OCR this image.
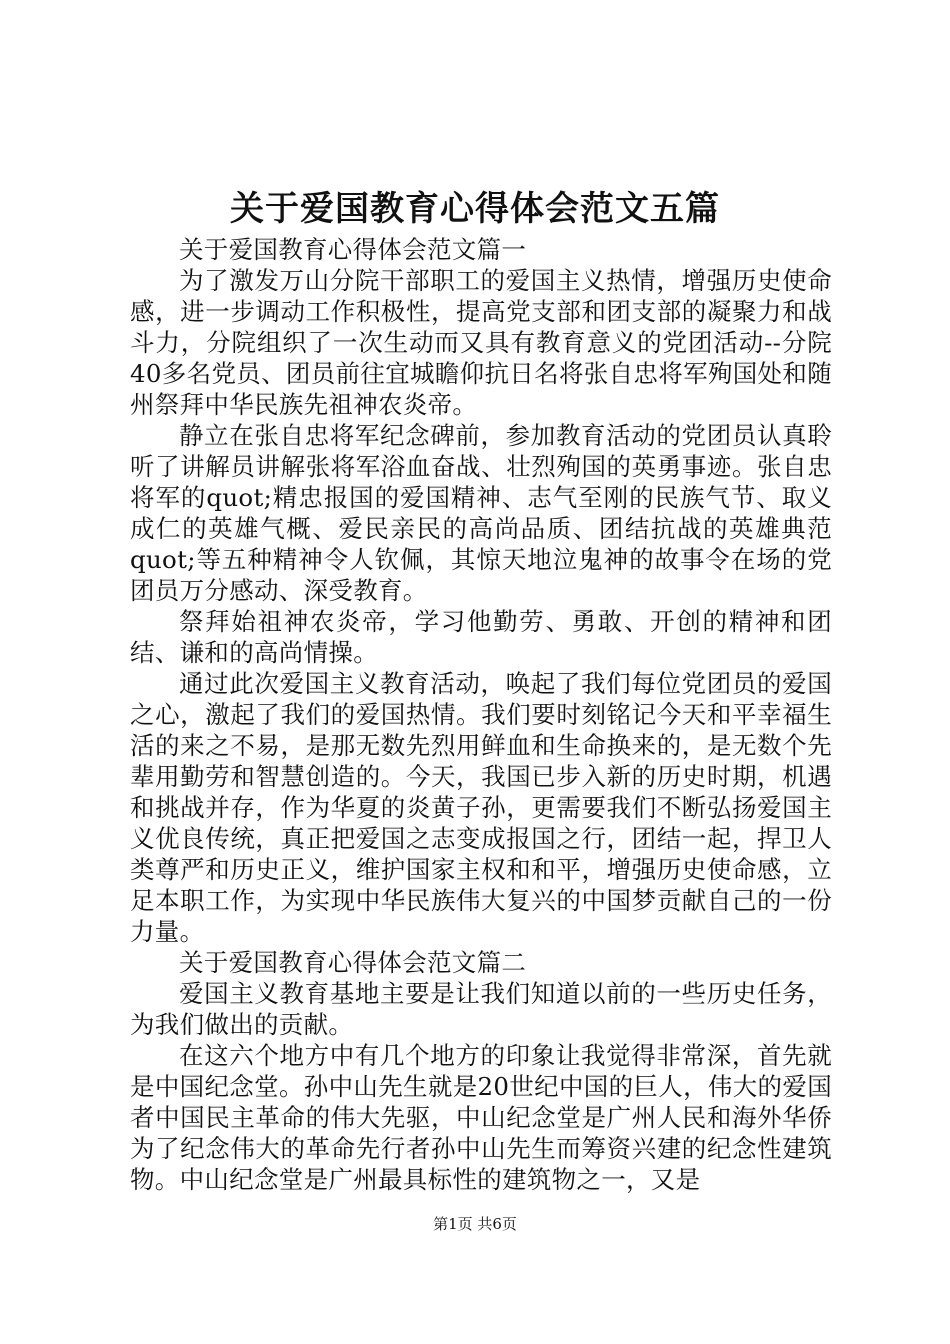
关于爱国教育心得体会范文五篇

关于爱国教育心得体会范文篇一

为了激发万山分院干部职工的爱国主义热情，增强历史使命感，进一步调动工作积极性，提高党支部和团支部的凝聚力和战斗力，分院组织了一次生动而又具有教育意义的党团活动--分院40多名党员、团员前往宜城瞻仰抗日名将张自忠将军殉国处和随州祭拜中华民族先祖神农炎帝。

静立在张自忠将军纪念碑前，参加教育活动的党团员认真聆听了讲解员讲解张将军浴血奋战、壮烈殉国的英勇事迹。张自忠将军的quot;精忠报国的爱国精神、志气至刚的民族气节、取义成仁的英雄气概、爱民亲民的高尚品质、团结抗战的英雄典范quot;等五种精神令人钦佩，其惊天地泣鬼神的故事令在场的党团员万分感动、深受教育。

祭拜始祖神农炎帝，学习他勤劳、勇敢、开创的精神和团结、谦和的高尚情操。

通过此次爱国主义教育活动，唤起了我们每位党团员的爱国之心，激起了我们的爱国热情。我们要时刻铭记今天和平幸福生活的来之不易，是那无数先烈用鲜血和生命换来的，是无数个先辈用勤劳和智慧创造的。今天，我国已步入新的历史时期，机遇和挑战并存，作为华夏的炎黄子孙，更需要我们不断弘扬爱国主义优良传统，真正把爱国之志变成报国之行，团结一起，捍卫人类尊严和历史正义，维护国家主权和和平，增强历史使命感，立足本职工作，为实现中华民族伟大复兴的中国梦贡献自己的一份力量。

关于爱国教育心得体会范文篇二

爱国主义教育基地主要是让我们知道以前的一些历史任务，为我们做出的贡献。

在这六个地方中有几个地方的印象让我觉得非常深，首先就是中国纪念堂。孙中山先生就是20世纪中国的巨人，伟大的爱国者中国民主革命的伟大先驱，中山纪念堂是广州人民和海外华侨为了纪念伟大的革命先行者孙中山先生而筹资兴建的纪念性建筑物。中山纪念堂是广州最具标性的建筑物之一，又是

第1页 共6页
